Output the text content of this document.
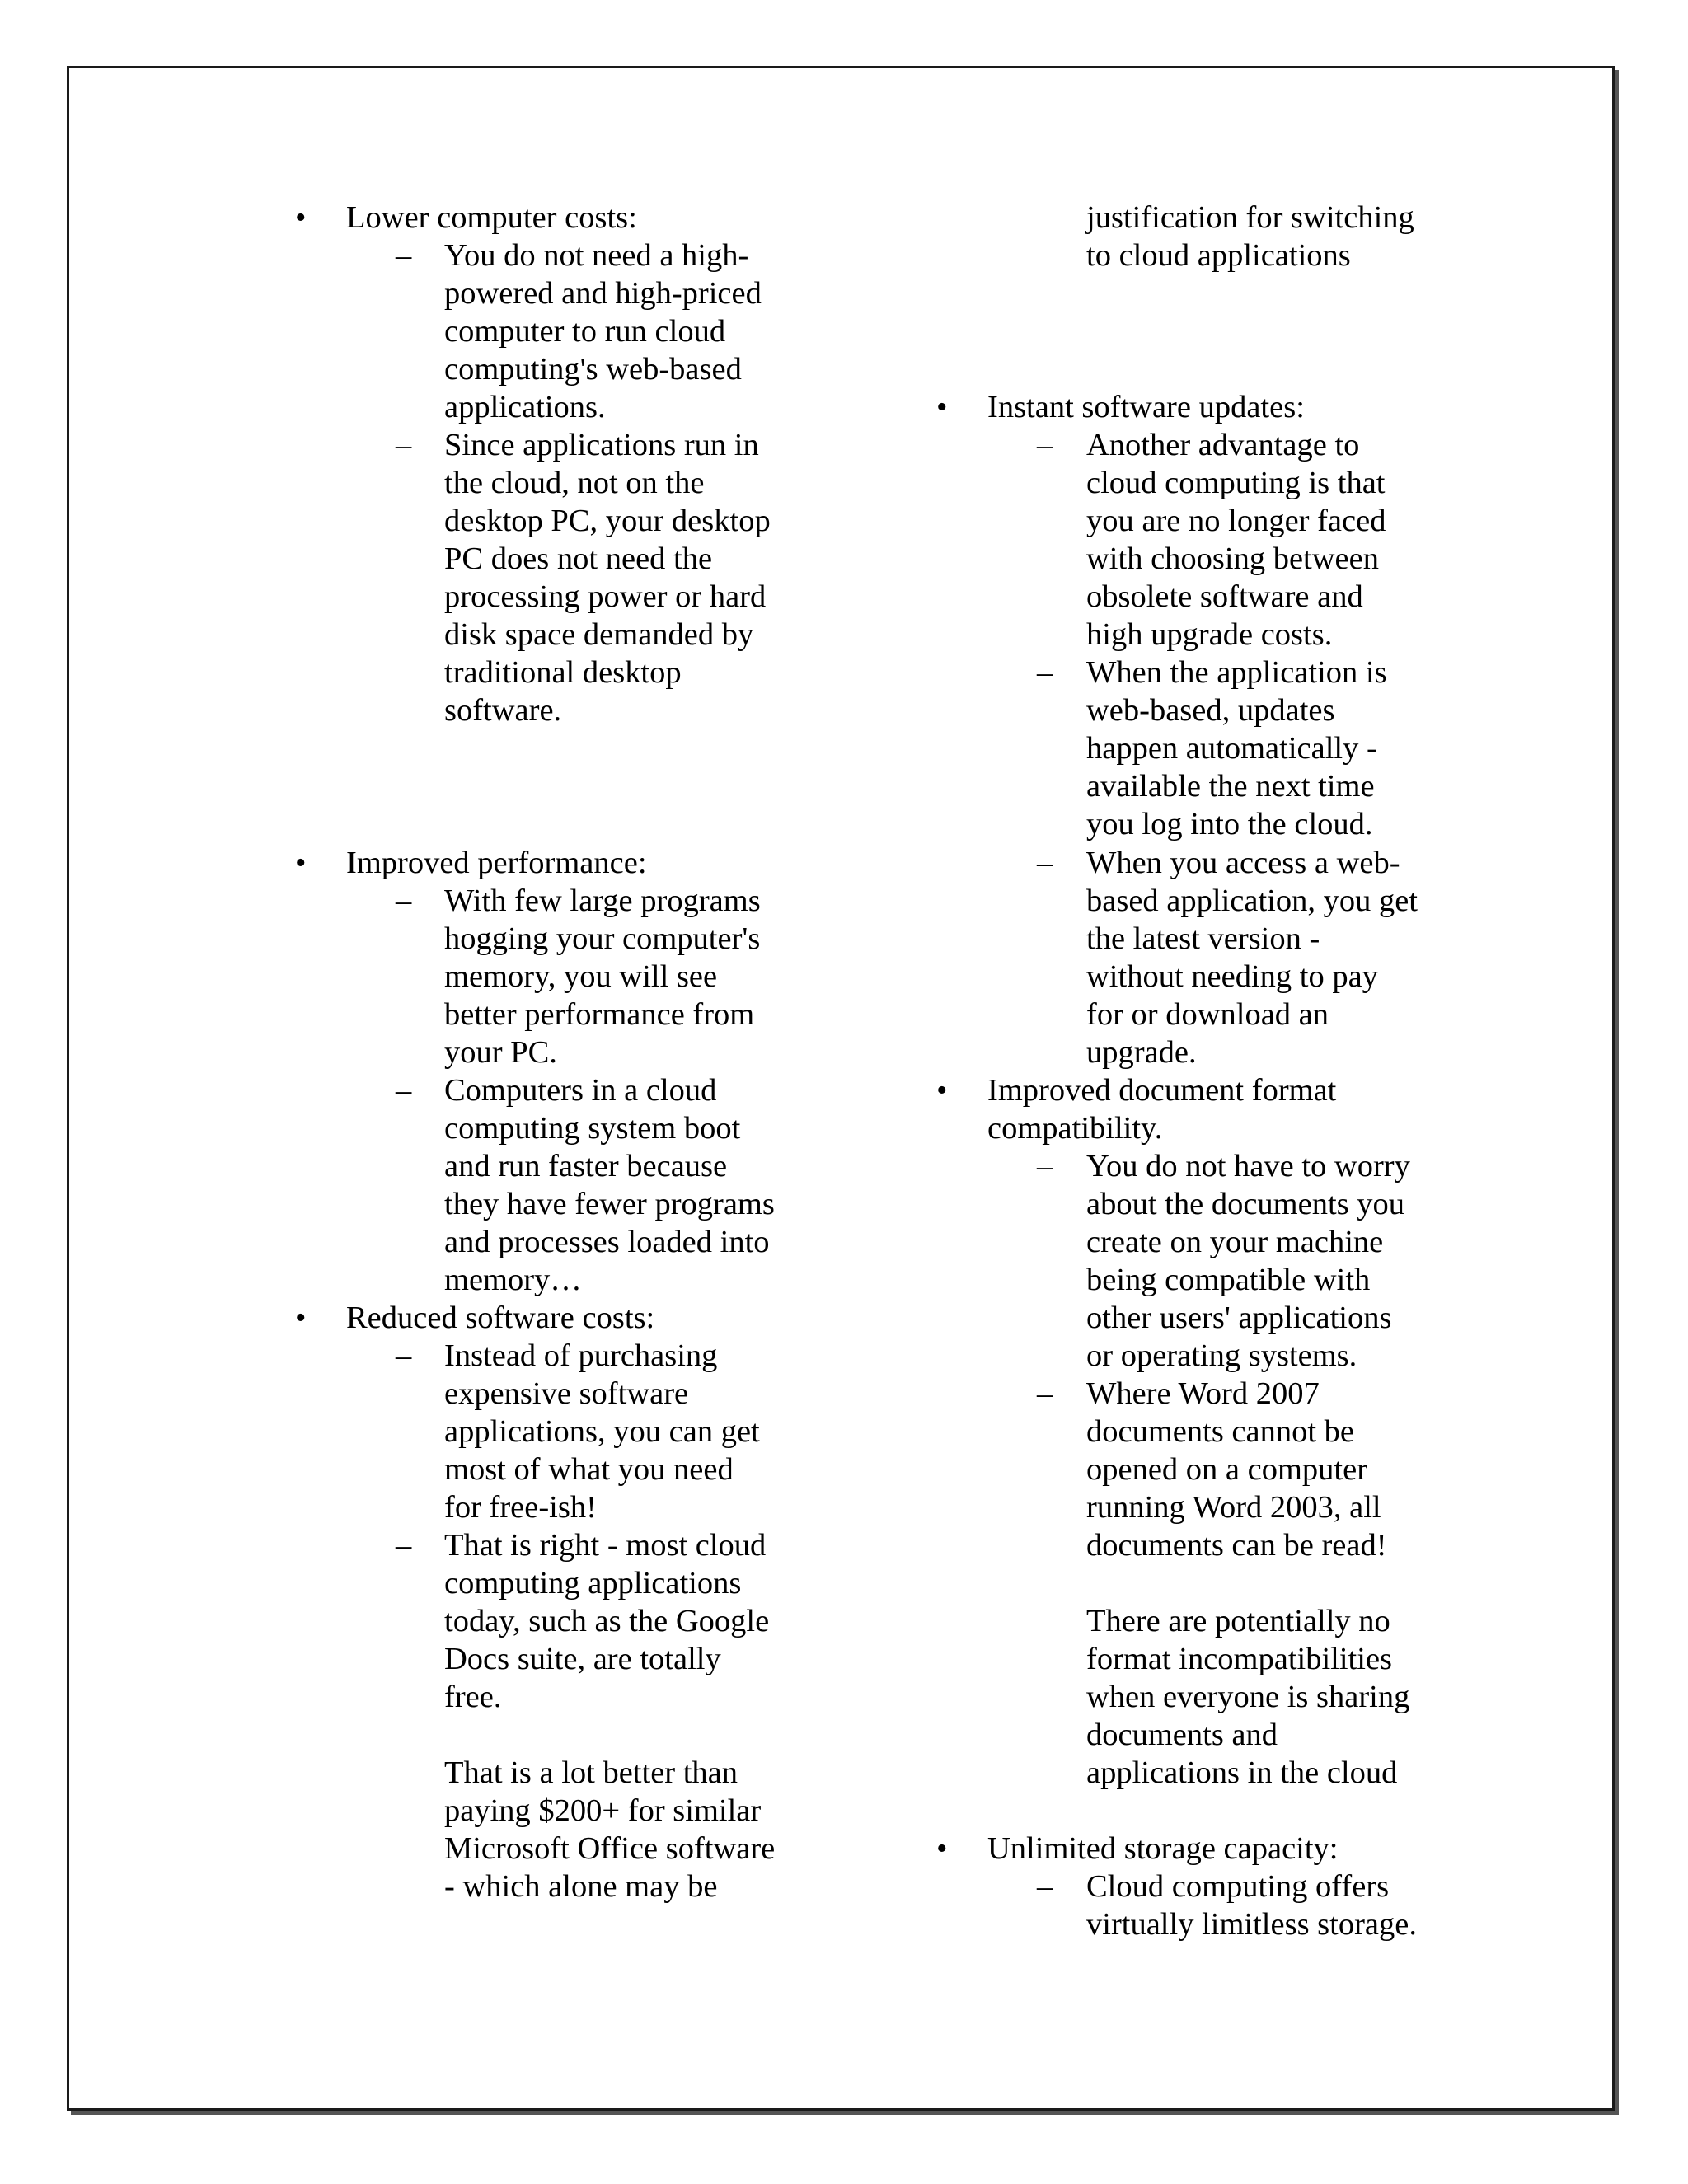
• Lower computer costs:
– You do not need a high-
powered and high-priced
computer to run cloud
computing's web-based
applications.
– Since applications run in
the cloud, not on the
desktop PC, your desktop
PC does not need the
processing power or hard
disk space demanded by
traditional desktop
software.
• Improved performance:
– With few large programs
hogging your computer's
memory, you will see
better performance from
your PC.
– Computers in a cloud
computing system boot
and run faster because
they have fewer programs
and processes loaded into
memory…
• Reduced software costs:
– Instead of purchasing
expensive software
applications, you can get
most of what you need
for free-ish!
– That is right - most cloud
computing applications
today, such as the Google
Docs suite, are totally
free.
That is a lot better than
paying $200+ for similar
Microsoft Office software
- which alone may be
justification for switching
to cloud applications
• Instant software updates:
– Another advantage to
cloud computing is that
you are no longer faced
with choosing between
obsolete software and
high upgrade costs.
– When the application is
web-based, updates
happen automatically -
available the next time
you log into the cloud.
– When you access a web-
based application, you get
the latest version -
without needing to pay
for or download an
upgrade.
• Improved document format
compatibility.
– You do not have to worry
about the documents you
create on your machine
being compatible with
other users' applications
or operating systems.
– Where Word 2007
documents cannot be
opened on a computer
running Word 2003, all
documents can be read!
There are potentially no
format incompatibilities
when everyone is sharing
documents and
applications in the cloud
• Unlimited storage capacity:
– Cloud computing offers
virtually limitless storage.
